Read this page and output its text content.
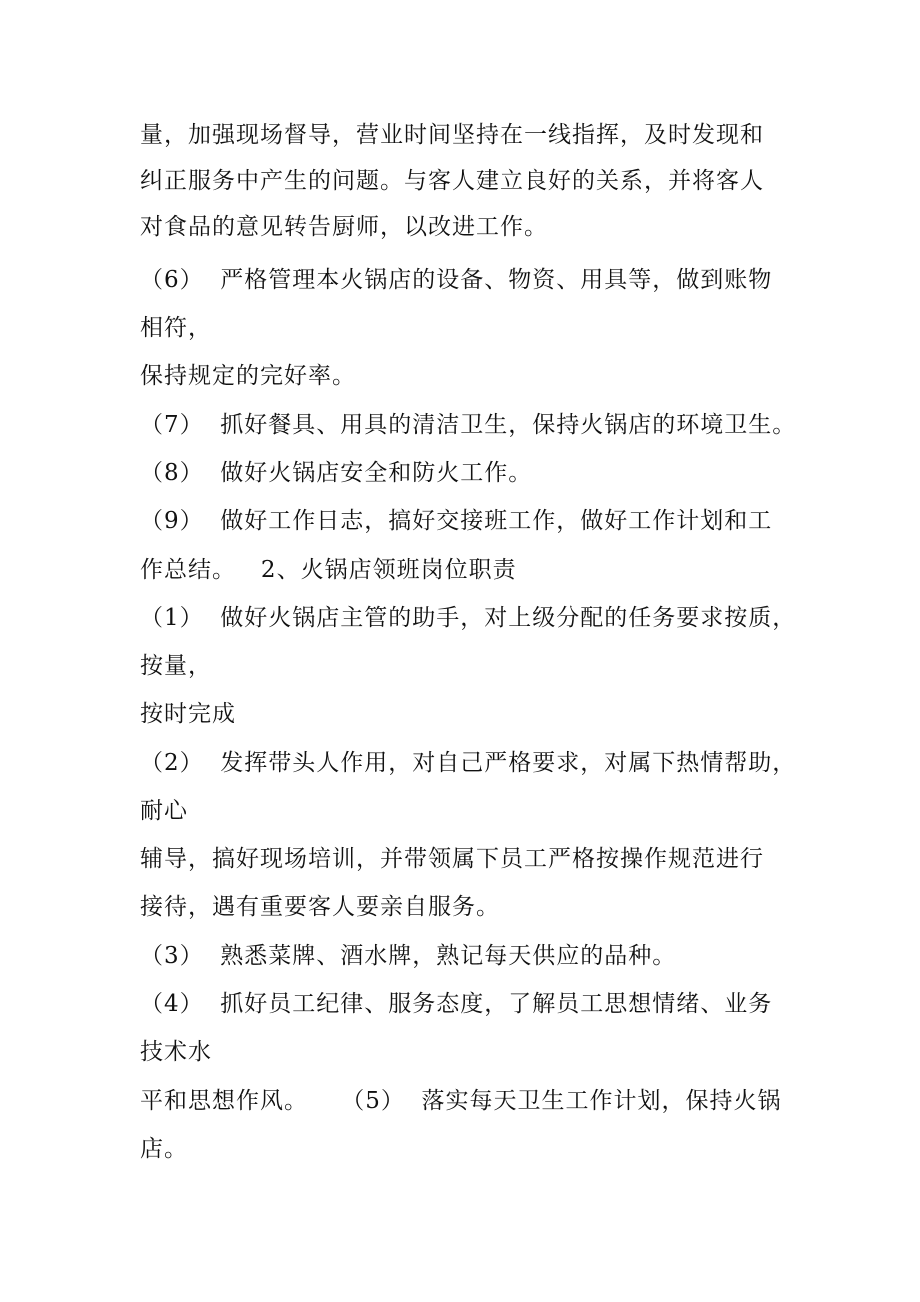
量，加强现场督导，营业时间坚持在一线指挥，及时发现和
纠正服务中产生的问题。与客人建立良好的关系，并将客人
对食品的意见转告厨师，以改进工作。
（6）  严格管理本火锅店的设备、物资、用具等，做到账物
相符，
保持规定的完好率。
（7）  抓好餐具、用具的清洁卫生，保持火锅店的环境卫生。
（8）  做好火锅店安全和防火工作。
（9）  做好工作日志，搞好交接班工作，做好工作计划和工
作总结。   2、火锅店领班岗位职责
（1）  做好火锅店主管的助手，对上级分配的任务要求按质，
按量，
按时完成
（2）  发挥带头人作用，对自己严格要求，对属下热情帮助，
耐心
辅导，搞好现场培训，并带领属下员工严格按操作规范进行
接待，遇有重要客人要亲自服务。
（3）  熟悉菜牌、酒水牌，熟记每天供应的品种。
（4）  抓好员工纪律、服务态度，了解员工思想情绪、业务
技术水
平和思想作风。    （5）  落实每天卫生工作计划，保持火锅
店。
